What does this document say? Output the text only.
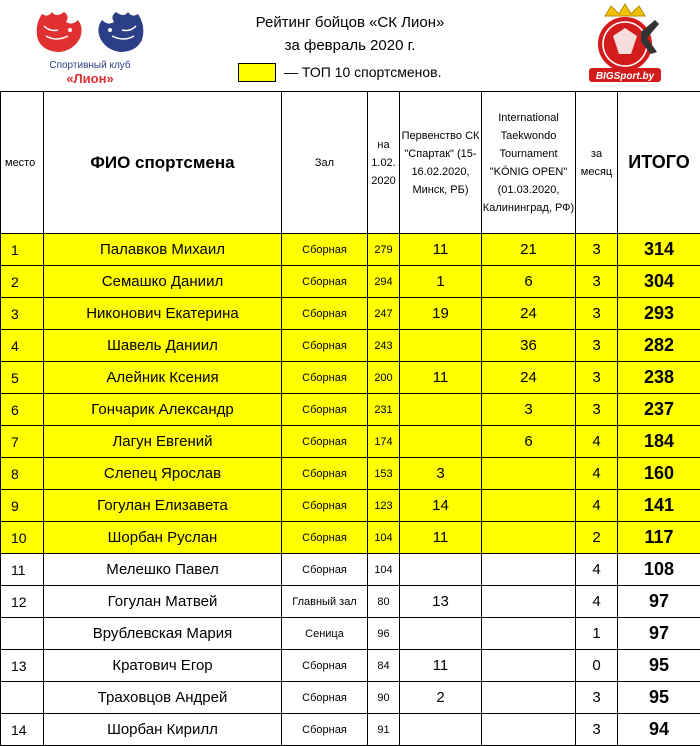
Спортивный клуб
«Лион»
Рейтинг бойцов «СК Лион»
за февраль 2020 г.
— ТОП 10 спортсменов.	BIGSport.by
место	ФИО спортсмена	Зал	на 1.02. 2020	Первенство СК "Спартак" (15-16.02.2020, Минск, РБ)	International Taekwondo Tournament "KÖNIG OPEN" (01.03.2020, Калининград, РФ)	за месяц	ИТОГО
1	Палавков Михаил	Сборная	279	11	21	3	314
2	Семашко Даниил	Сборная	294	1	6	3	304
3	Никонович Екатерина	Сборная	247	19	24	3	293
4	Шавель Даниил	Сборная	243		36	3	282
5	Алейник Ксения	Сборная	200	11	24	3	238
6	Гончарик Александр	Сборная	231		3	3	237
7	Лагун Евгений	Сборная	174		6	4	184
8	Слепец Ярослав	Сборная	153	3		4	160
9	Гогулан Елизавета	Сборная	123	14		4	141
10	Шорбан Руслан	Сборная	104	11		2	117
11	Мелешко Павел	Сборная	104			4	108
12	Гогулан Матвей	Главный зал	80	13		4	97
	Врублевская Мария	Сеница	96			1	97
13	Кратович Егор	Сборная	84	11		0	95
	Траховцов Андрей	Сборная	90	2		3	95
14	Шорбан Кирилл	Сборная	91			3	94
